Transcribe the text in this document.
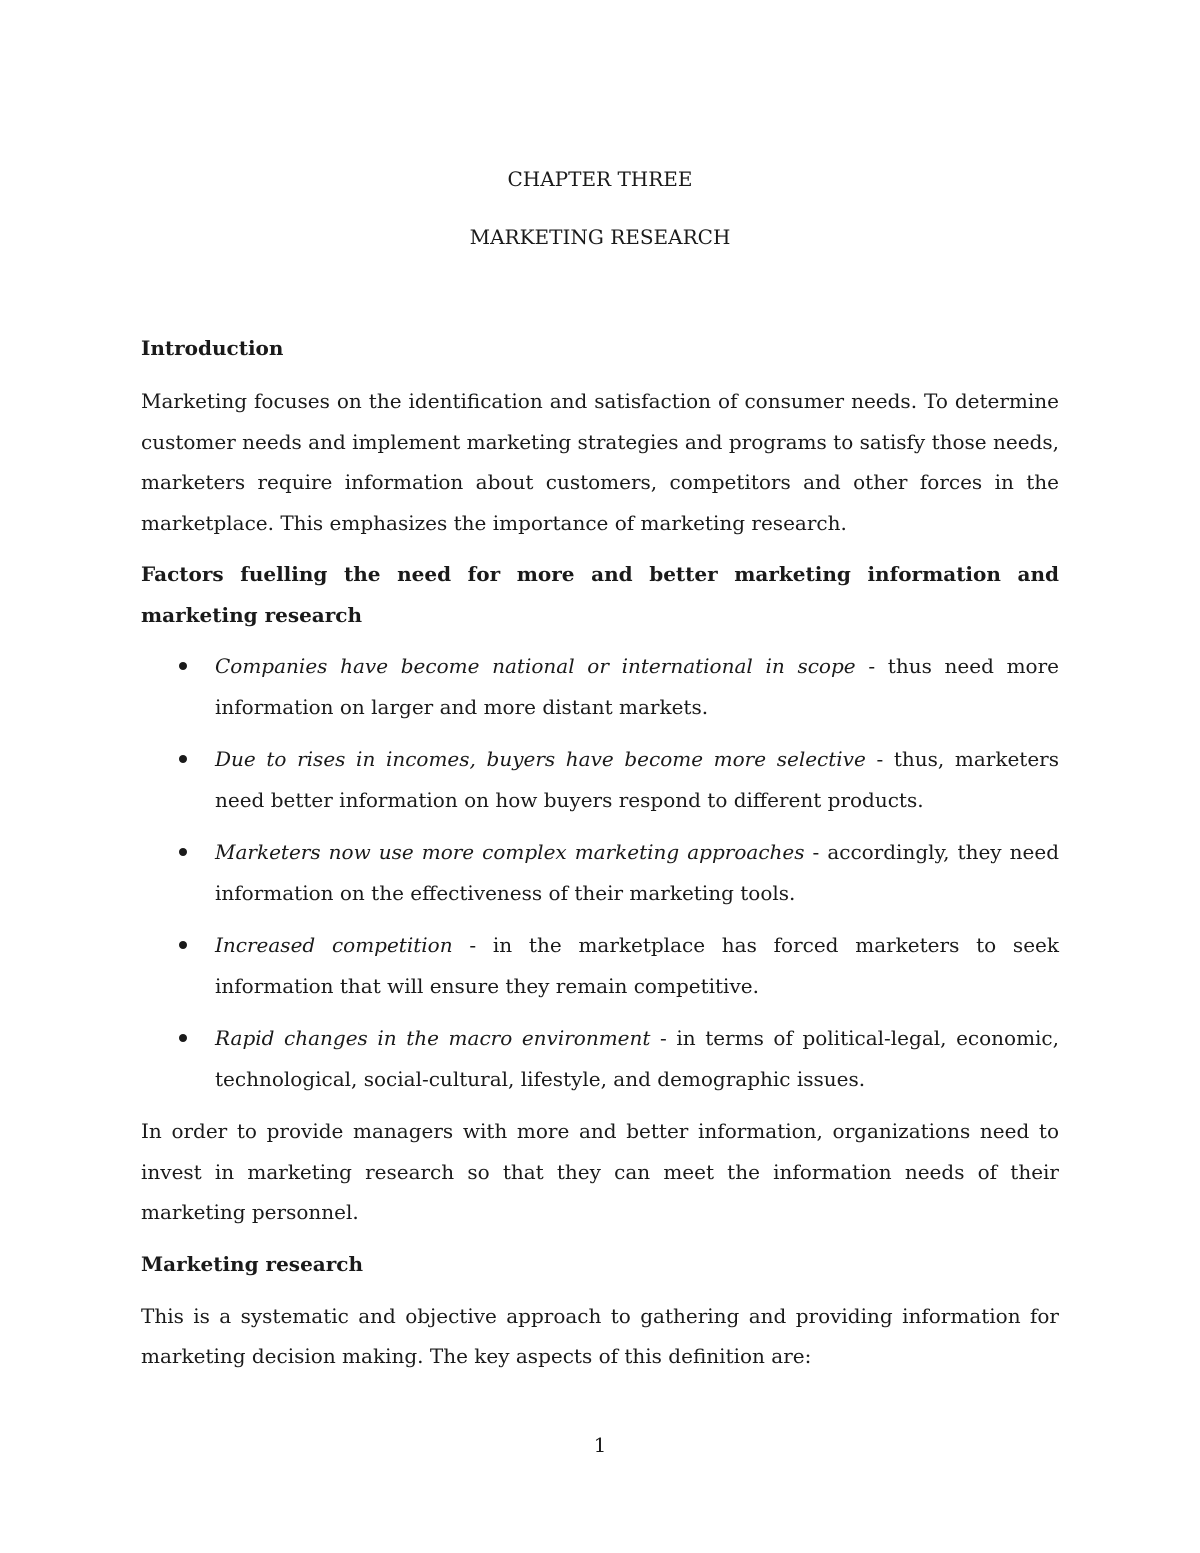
CHAPTER THREE

MARKETING RESEARCH

Introduction

Marketing focuses on the identification and satisfaction of consumer needs. To determine customer needs and implement marketing strategies and programs to satisfy those needs, marketers require information about customers, competitors and other forces in the marketplace. This emphasizes the importance of marketing research.

Factors fuelling the need for more and better marketing information and marketing research

Companies have become national or international in scope - thus need more information on larger and more distant markets.
Due to rises in incomes, buyers have become more selective - thus, marketers need better information on how buyers respond to different products.
Marketers now use more complex marketing approaches - accordingly, they need information on the effectiveness of their marketing tools.
Increased competition - in the marketplace has forced marketers to seek information that will ensure they remain competitive.
Rapid changes in the macro environment - in terms of political-legal, economic, technological, social-cultural, lifestyle, and demographic issues.

In order to provide managers with more and better information, organizations need to invest in marketing research so that they can meet the information needs of their marketing personnel.

Marketing research

This is a systematic and objective approach to gathering and providing information for marketing decision making. The key aspects of this definition are:

1
